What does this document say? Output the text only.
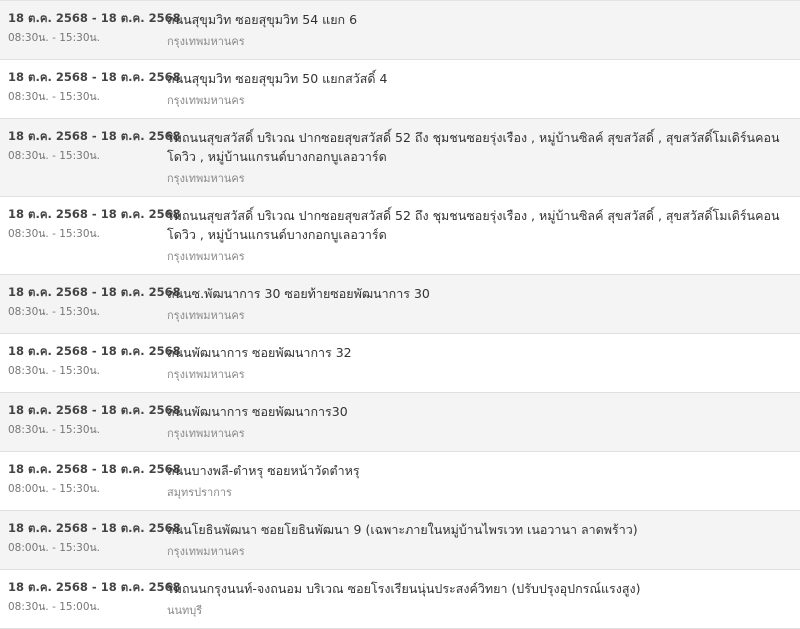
18 ต.ค. 2568 - 18 ต.ค. 2568
08:30น. - 15:30น.
ถนนสุขุมวิท ซอยสุขุมวิท 54 แยก 6
กรุงเทพมหานคร
18 ต.ค. 2568 - 18 ต.ค. 2568
08:30น. - 15:30น.
ถนนสุขุมวิท ซอยสุขุมวิท 50 แยกสวัสดิ์ 4
กรุงเทพมหานคร
18 ต.ค. 2568 - 18 ต.ค. 2568
08:30น. - 15:30น.
ริมถนนสุขสวัสดิ์ บริเวณ ปากซอยสุขสวัสดิ์ 52 ถึง ชุมชนซอยรุ่งเรือง , หมู่บ้านซิลค์ สุขสวัสดิ์ , สุขสวัสดิ์โมเดิร์นคอนโดวิว , หมู่บ้านแกรนด์บางกอกบูเลอวาร์ด
กรุงเทพมหานคร
18 ต.ค. 2568 - 18 ต.ค. 2568
08:30น. - 15:30น.
ริมถนนสุขสวัสดิ์ บริเวณ ปากซอยสุขสวัสดิ์ 52 ถึง ชุมชนซอยรุ่งเรือง , หมู่บ้านซิลค์ สุขสวัสดิ์ , สุขสวัสดิ์โมเดิร์นคอนโดวิว , หมู่บ้านแกรนด์บางกอกบูเลอวาร์ด
กรุงเทพมหานคร
18 ต.ค. 2568 - 18 ต.ค. 2568
08:30น. - 15:30น.
ถนนซ.พัฒนาการ 30 ซอยท้ายซอยพัฒนาการ 30
กรุงเทพมหานคร
18 ต.ค. 2568 - 18 ต.ค. 2568
08:30น. - 15:30น.
ถนนพัฒนาการ ซอยพัฒนาการ 32
กรุงเทพมหานคร
18 ต.ค. 2568 - 18 ต.ค. 2568
08:30น. - 15:30น.
ถนนพัฒนาการ ซอยพัฒนาการ30
กรุงเทพมหานคร
18 ต.ค. 2568 - 18 ต.ค. 2568
08:00น. - 15:30น.
ถนนบางพลี-ตำหรุ ซอยหน้าวัดตำหรุ
สมุทรปราการ
18 ต.ค. 2568 - 18 ต.ค. 2568
08:00น. - 15:30น.
ถนนโยธินพัฒนา ซอยโยธินพัฒนา 9 (เฉพาะภายในหมู่บ้านไพรเวท เนอวานา ลาดพร้าว)
กรุงเทพมหานคร
18 ต.ค. 2568 - 18 ต.ค. 2568
08:30น. - 15:00น.
ริมถนนกรุงนนท์-จงถนอม บริเวณ ซอยโรงเรียนนุ่นประสงค์วิทยา (ปรับปรุงอุปกรณ์แรงสูง)
นนทบุรี
